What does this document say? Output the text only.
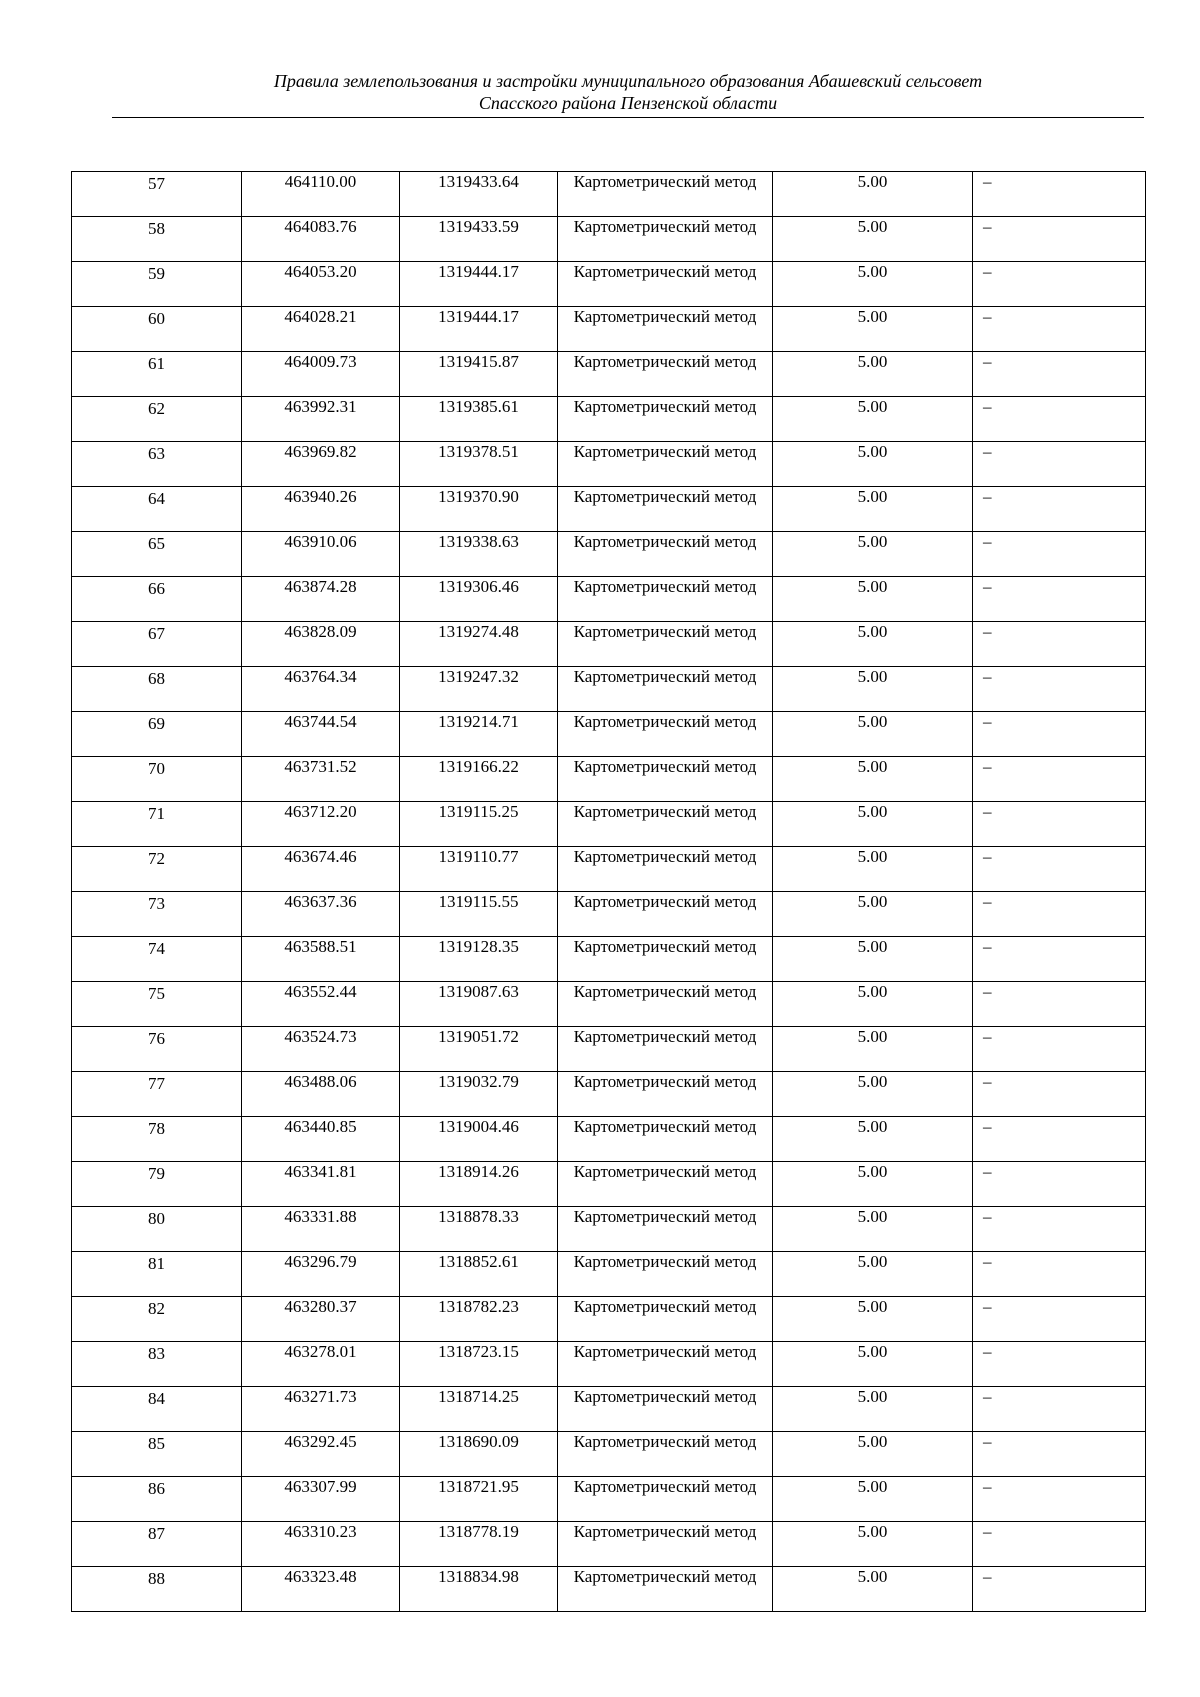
Правила землепользования и застройки муниципального образования Абашевский сельсовет
Спасского района Пензенской области
57	464110.00	1319433.64	Картометрический метод	5.00	–
58	464083.76	1319433.59	Картометрический метод	5.00	–
59	464053.20	1319444.17	Картометрический метод	5.00	–
60	464028.21	1319444.17	Картометрический метод	5.00	–
61	464009.73	1319415.87	Картометрический метод	5.00	–
62	463992.31	1319385.61	Картометрический метод	5.00	–
63	463969.82	1319378.51	Картометрический метод	5.00	–
64	463940.26	1319370.90	Картометрический метод	5.00	–
65	463910.06	1319338.63	Картометрический метод	5.00	–
66	463874.28	1319306.46	Картометрический метод	5.00	–
67	463828.09	1319274.48	Картометрический метод	5.00	–
68	463764.34	1319247.32	Картометрический метод	5.00	–
69	463744.54	1319214.71	Картометрический метод	5.00	–
70	463731.52	1319166.22	Картометрический метод	5.00	–
71	463712.20	1319115.25	Картометрический метод	5.00	–
72	463674.46	1319110.77	Картометрический метод	5.00	–
73	463637.36	1319115.55	Картометрический метод	5.00	–
74	463588.51	1319128.35	Картометрический метод	5.00	–
75	463552.44	1319087.63	Картометрический метод	5.00	–
76	463524.73	1319051.72	Картометрический метод	5.00	–
77	463488.06	1319032.79	Картометрический метод	5.00	–
78	463440.85	1319004.46	Картометрический метод	5.00	–
79	463341.81	1318914.26	Картометрический метод	5.00	–
80	463331.88	1318878.33	Картометрический метод	5.00	–
81	463296.79	1318852.61	Картометрический метод	5.00	–
82	463280.37	1318782.23	Картометрический метод	5.00	–
83	463278.01	1318723.15	Картометрический метод	5.00	–
84	463271.73	1318714.25	Картометрический метод	5.00	–
85	463292.45	1318690.09	Картометрический метод	5.00	–
86	463307.99	1318721.95	Картометрический метод	5.00	–
87	463310.23	1318778.19	Картометрический метод	5.00	–
88	463323.48	1318834.98	Картометрический метод	5.00	–
